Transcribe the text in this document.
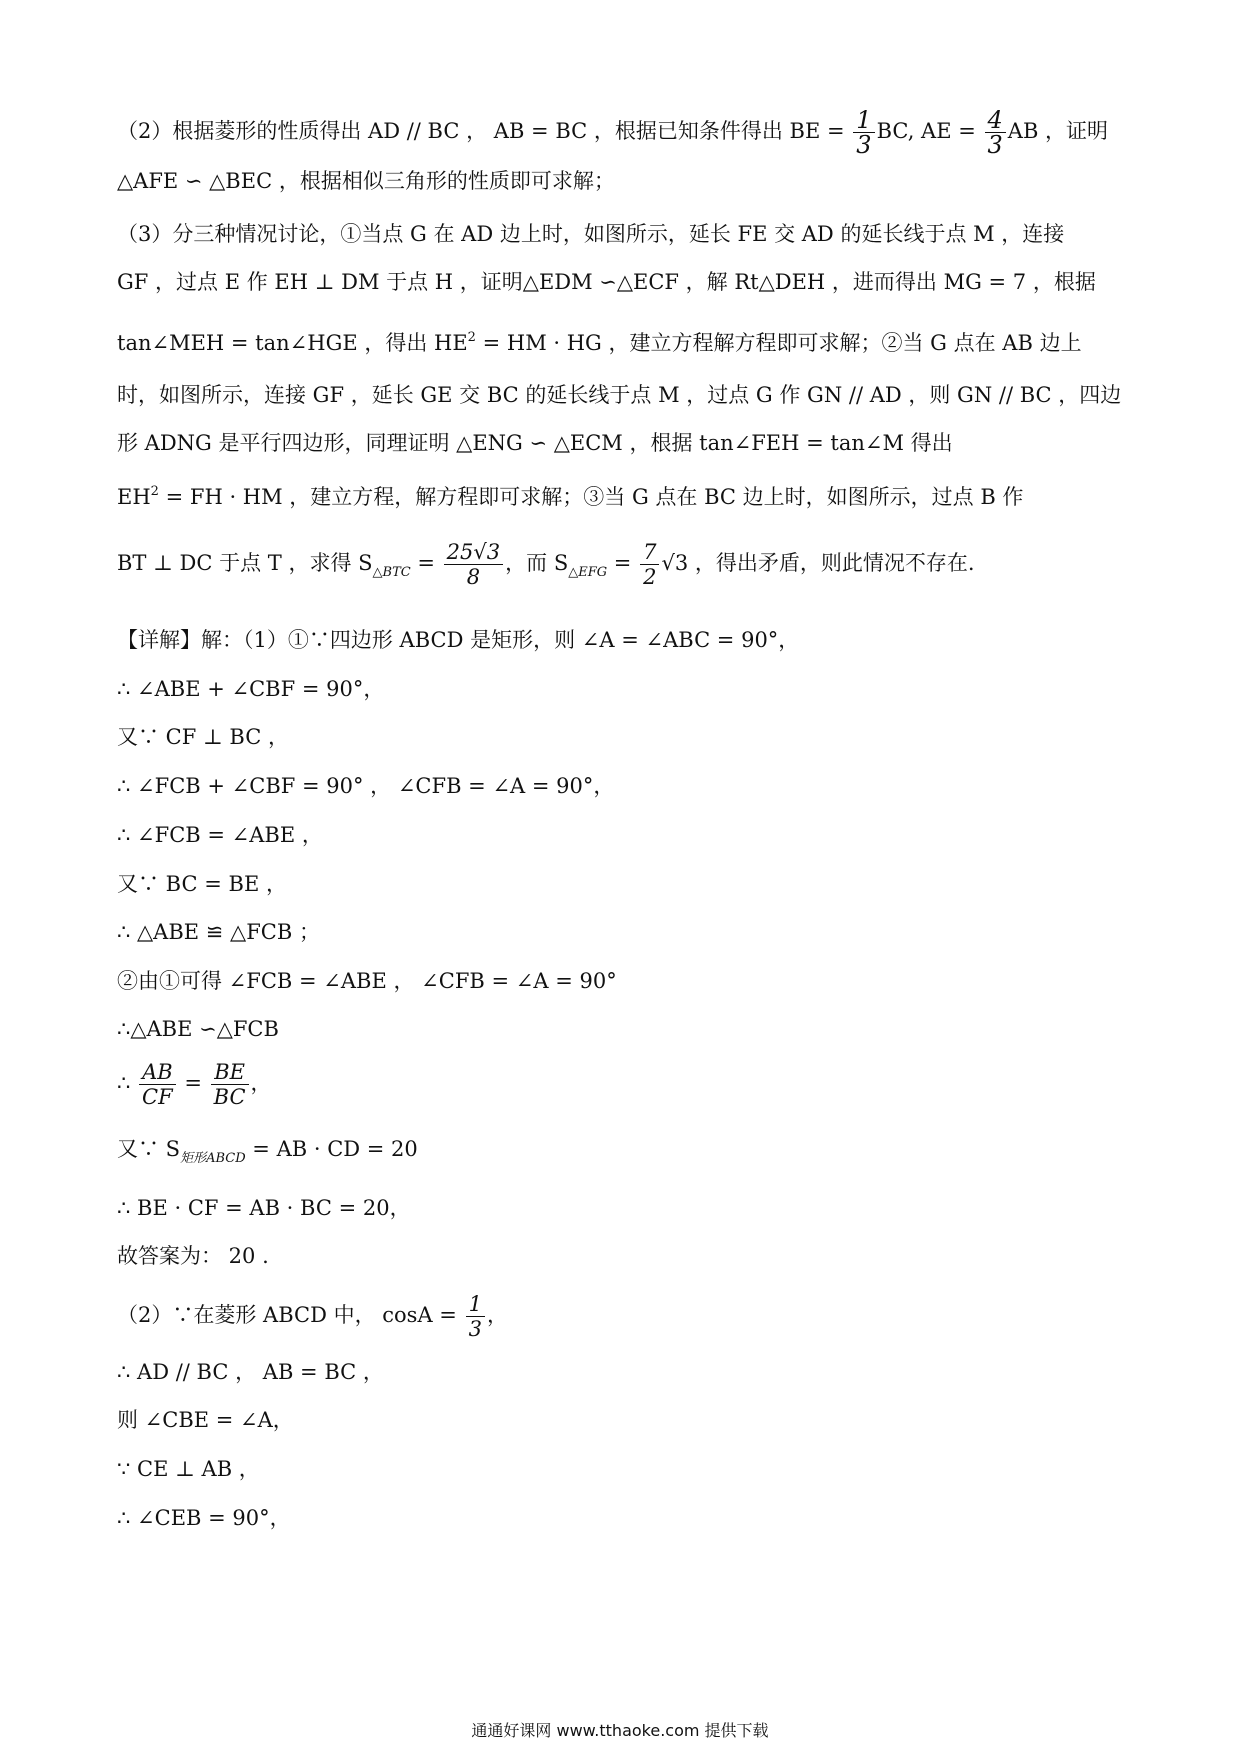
（2）根据菱形的性质得出 AD // BC ， AB = BC ，根据已知条件得出 BE = $\frac{1}{3}$ BC, AE = $\frac{4}{3}$ AB ，证明
△AFE ∽ △BEC ，根据相似三角形的性质即可求解；
（3）分三种情况讨论，①当点 G 在 AD 边上时，如图所示，延长 FE 交 AD 的延长线于点 M ，连接
GF ，过点 E 作 EH ⊥ DM 于点 H ，证明△EDM ∽△ECF ，解 Rt△DEH ，进而得出 MG = 7 ，根据
tan∠MEH = tan∠HGE ，得出 $HE^2$ = HM · HG ，建立方程解方程即可求解；②当 G 点在 AB 边上
时，如图所示，连接 GF ，延长 GE 交 BC 的延长线于点 M ，过点 G 作 GN // AD ，则 GN // BC ，四边
形 ADNG 是平行四边形，同理证明 △ENG ∽ △ECM ，根据 tan∠FEH = tan∠M 得出
$EH^2$ = FH · HM ，建立方程，解方程即可求解；③当 G 点在 BC 边上时，如图所示，过点 B 作
BT ⊥ DC 于点 T ，求得 $S_{\triangle BTC} = \frac{25√3}{8}$ ，而 $S_{\triangle EFG} = \frac{7}{2} √3$ ，得出矛盾，则此情况不存在.
【详解】解：（1）①∵四边形 ABCD 是矩形，则 ∠A = ∠ABC = 90°，
∴ ∠ABE + ∠CBF = 90°，
又∵ CF ⊥ BC ，
∴ ∠FCB + ∠CBF = 90° ， ∠CFB = ∠A = 90°，
∴ ∠FCB = ∠ABE ，
又∵ BC = BE ，
∴ △ABE ≌ △FCB ；
②由①可得 ∠FCB = ∠ABE ， ∠CFB = ∠A = 90°
∴△ABE ∽△FCB
∴ $\frac{AB}{CF} = \frac{BE}{BC}$ ，
又∵ $S_{矩形ABCD}$ = AB · CD = 20
∴ BE · CF = AB · BC = 20，
故答案为： 20 .
（2）∵在菱形 ABCD 中， $\cos A = \frac{1}{3}$ ，
∴ AD // BC ， AB = BC ，
则 ∠CBE = ∠A，
∵ CE ⊥ AB ，
∴ ∠CEB = 90°，
通通好课网 www.tthaoke.com 提供下载
